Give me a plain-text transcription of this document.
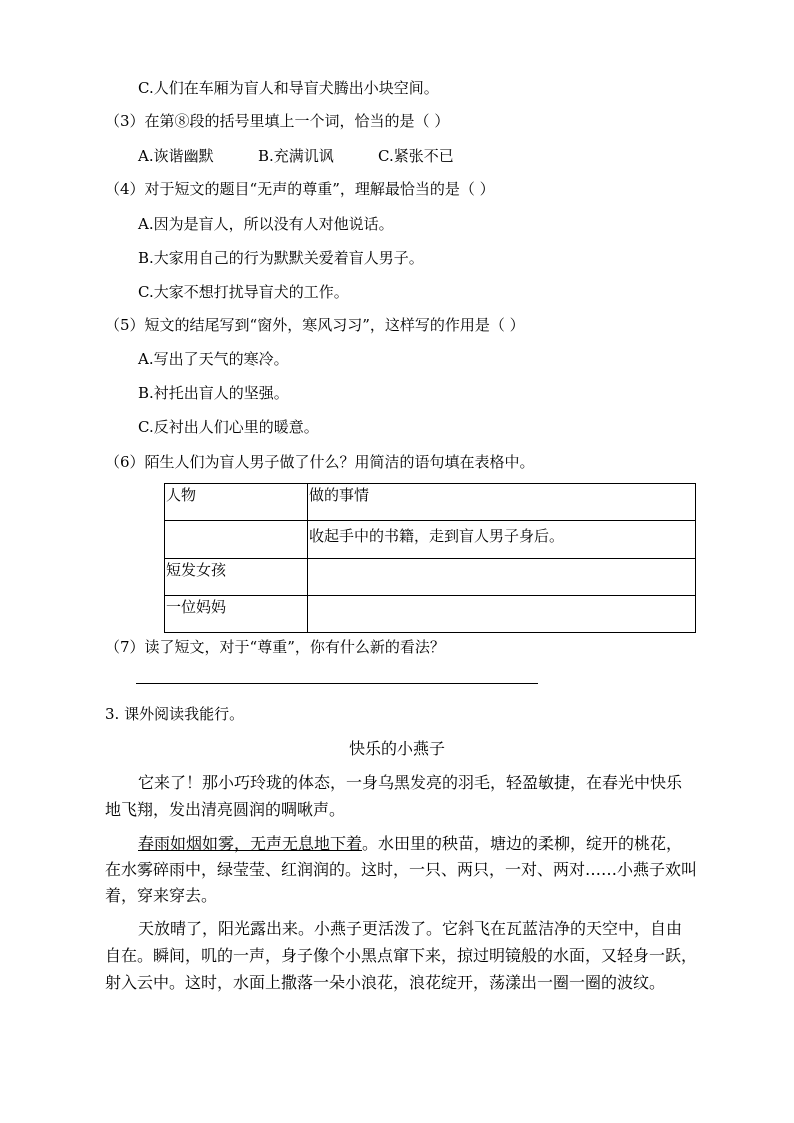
C.人们在车厢为盲人和导盲犬腾出小块空间。
（3）在第⑧段的括号里填上一个词，恰当的是（ ）
A.诙谐幽默	B.充满讥讽	C.紧张不已
（4）对于短文的题目“无声的尊重”，理解最恰当的是（ ）
A.因为是盲人，所以没有人对他说话。
B.大家用自己的行为默默关爱着盲人男子。
C.大家不想打扰导盲犬的工作。
（5）短文的结尾写到“窗外，寒风习习”，这样写的作用是（ ）
A.写出了天气的寒冷。
B.衬托出盲人的坚强。
C.反衬出人们心里的暖意。
（6）陌生人们为盲人男子做了什么？用简洁的语句填在表格中。
人物	做的事情
	收起手中的书籍，走到盲人男子身后。
短发女孩	
一位妈妈	
（7）读了短文，对于“尊重”，你有什么新的看法？
3. 课外阅读我能行。
快乐的小燕子
它来了！那小巧玲珑的体态，一身乌黑发亮的羽毛，轻盈敏捷，在春光中快乐
地飞翔，发出清亮圆润的啁啾声。
春雨如烟如雾，无声无息地下着。水田里的秧苗，塘边的柔柳，绽开的桃花，
在水雾碎雨中，绿莹莹、红润润的。这时，一只、两只，一对、两对……小燕子欢叫
着，穿来穿去。
天放晴了，阳光露出来。小燕子更活泼了。它斜飞在瓦蓝洁净的天空中，自由
自在。瞬间，叽的一声，身子像个小黑点窜下来，掠过明镜般的水面，又轻身一跃，
射入云中。这时，水面上撒落一朵小浪花，浪花绽开，荡漾出一圈一圈的波纹。
